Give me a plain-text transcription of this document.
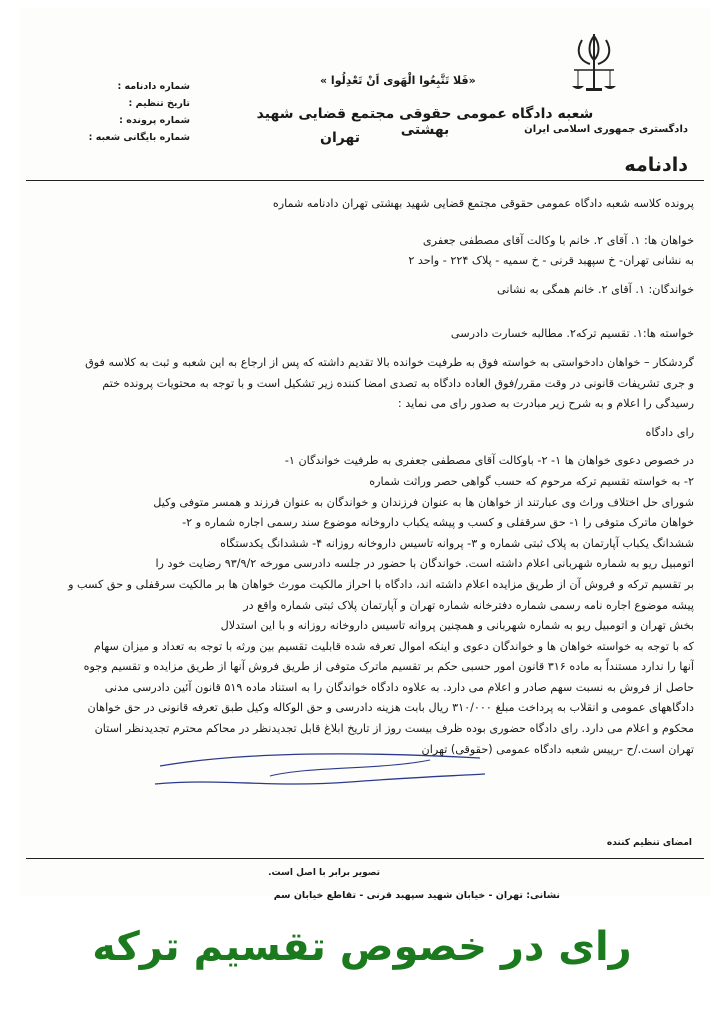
«فَلا تَتَّبِعُوا الْهَوى اَنْ تَعْدِلُوا »
شعبه دادگاه عمومی حقوقی مجتمع قضایی شهید بهشتی
تهران
دادگستری جمهوری اسلامی ایران
شماره دادنامه :
تاریخ تنظیم :
شماره پرونده :
شماره بایگانی شعبه :
دادنامه

پرونده کلاسه شعبه دادگاه عمومی حقوقی مجتمع قضایی شهید بهشتی تهران دادنامه شماره

خواهان ها: ۱. آقای ۲. خانم با وکالت آقای مصطفی جعفری

به نشانی تهران- خ سپهبد قرنی - خ سمیه - پلاک ۲۲۴ - واحد ۲

خواندگان: ۱. آقای ۲. خانم همگی به نشانی

خواسته ها:۱. تقسیم ترکه۲. مطالبه خسارت دادرسی

گردشکار – خواهان دادخواستی به خواسته فوق به طرفیت خوانده بالا تقدیم داشته که پس از ارجاع به این شعبه و ثبت به کلاسه فوق

و جری تشریفات قانونی در وقت مقرر/فوق العاده دادگاه به تصدی امضا کننده زیر تشکیل است و با توجه به محتویات پرونده ختم

رسیدگی را اعلام و به شرح زیر مبادرت به صدور رای می نماید :

رای دادگاه

در خصوص دعوی خواهان ها ۱- ۲- باوکالت آقای مصطفی جعفری به طرفیت خواندگان ۱-

۲- به خواسته تقسیم ترکه مرحوم که حسب گواهی حصر وراثت شماره

شورای حل اختلاف وراث وی عبارتند از خواهان ها به عنوان فرزندان و خواندگان به عنوان فرزند و همسر متوفی وکیل

خواهان ماترک متوفی را ۱- حق سرقفلی و کسب و پیشه یکباب داروخانه موضوع سند رسمی اجاره شماره و ۲-

ششدانگ یکباب آپارتمان به پلاک ثبتی شماره و ۳- پروانه تاسیس داروخانه روزانه ۴- ششدانگ یکدستگاه

اتومبیل ریو به شماره شهربانی اعلام داشته است. خواندگان با حضور در جلسه دادرسی مورخه ۹۳/۹/۲ رضایت خود را

بر تقسیم ترکه و فروش آن از طریق مزایده اعلام داشته اند، دادگاه با احراز مالکیت مورث خواهان ها بر مالکیت سرقفلی و حق کسب و

پیشه موضوع اجاره نامه رسمی شماره دفترخانه شماره تهران و آپارتمان پلاک ثبتی شماره واقع در

بخش تهران و اتومبیل ریو به شماره شهربانی و همچنین پروانه تاسیس داروخانه روزانه و با این استدلال

که با توجه به خواسته خواهان ها و خواندگان دعوی و اینکه اموال تعرفه شده قابلیت تقسیم بین ورثه با توجه به تعداد و میزان سهام

آنها را ندارد مستنداً به ماده ۳۱۶ قانون امور حسبی حکم بر تقسیم ماترک متوفی از طریق فروش آنها از طریق مزایده و تقسیم وجوه

حاصل از فروش به نسبت سهم صادر و اعلام می دارد. به علاوه دادگاه خواندگان را به استناد ماده ۵۱۹ قانون آئین دادرسی مدنی

دادگاههای عمومی و انقلاب به پرداخت مبلغ ۳۱۰/۰۰۰ ریال بابت هزینه دادرسی و حق الوکاله وکیل طبق تعرفه قانونی در حق خواهان

محکوم و اعلام می دارد. رای دادگاه حضوری بوده ظرف بیست روز از تاریخ ابلاغ قابل تجدیدنظر در محاکم محترم تجدیدنظر استان

تهران است./ح -رییس شعبه دادگاه عمومی (حقوقی) تهران

امضای تنظیم کننده
تصویر برابر با اصل است.
نشانی: تهران - خیابان شهید سپهبد قرنی - تقاطع خیابان سم
رای در خصوص تقسیم ترکه
